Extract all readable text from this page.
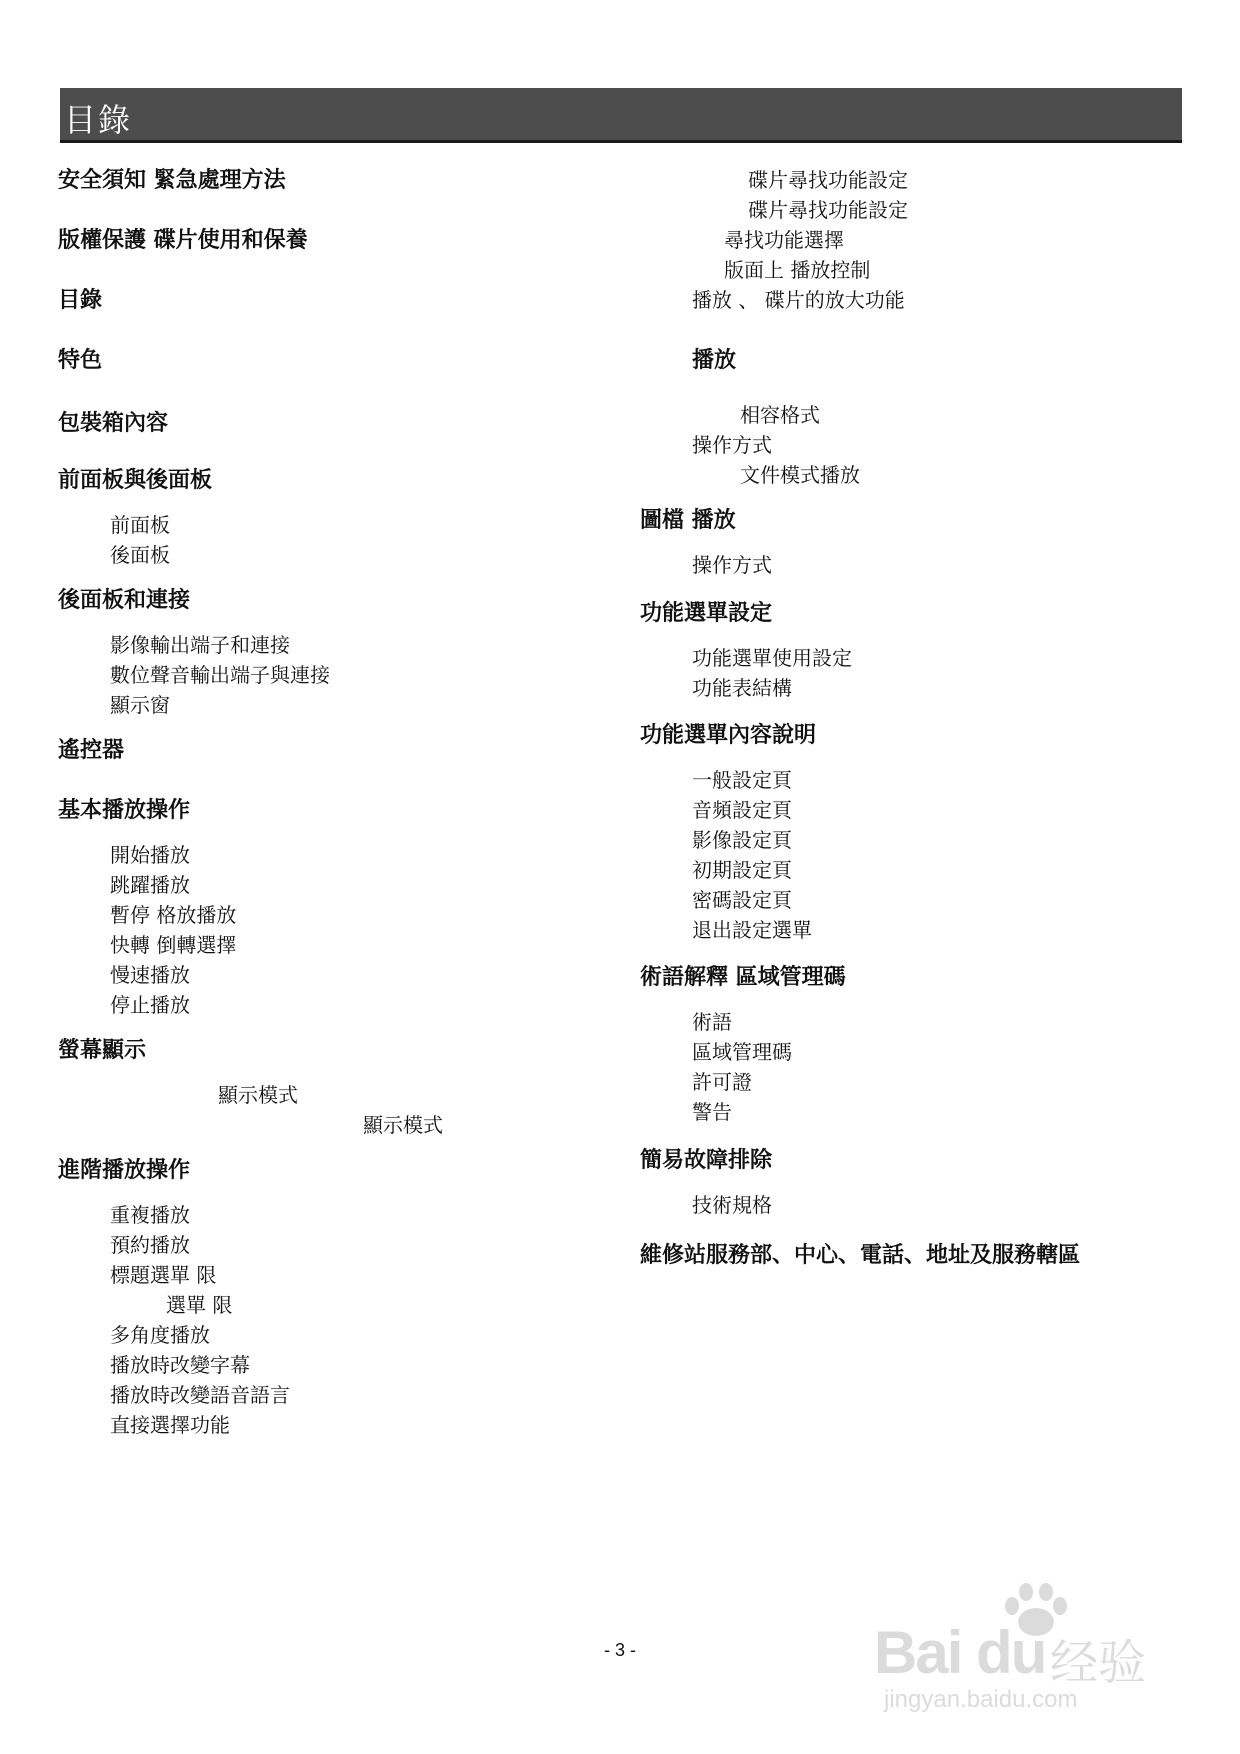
目錄
安全須知 緊急處理方法
版權保護 碟片使用和保養
目錄
特色
包裝箱內容
前面板與後面板
前面板
後面板
後面板和連接
影像輸出端子和連接
數位聲音輸出端子與連接
顯示窗
遙控器
基本播放操作
開始播放
跳躍播放
暫停 格放播放
快轉 倒轉選擇
慢速播放
停止播放
螢幕顯示
顯示模式
顯示模式
進階播放操作
重複播放
預約播放
標題選單 限
選單 限
多角度播放
播放時改變字幕
播放時改變語音語言
直接選擇功能
碟片尋找功能設定
碟片尋找功能設定
尋找功能選擇
版面上 播放控制
播放 、 碟片的放大功能
播放
相容格式
操作方式
文件模式播放
圖檔 播放
操作方式
功能選單設定
功能選單使用設定
功能表結構
功能選單內容說明
一般設定頁
音頻設定頁
影像設定頁
初期設定頁
密碼設定頁
退出設定選單
術語解釋 區域管理碼
術語
區域管理碼
許可證
警告
簡易故障排除
技術規格
維修站服務部、中心、電話、地址及服務轄區
- 3 -	Bai du 经验
jingyan.baidu.com
